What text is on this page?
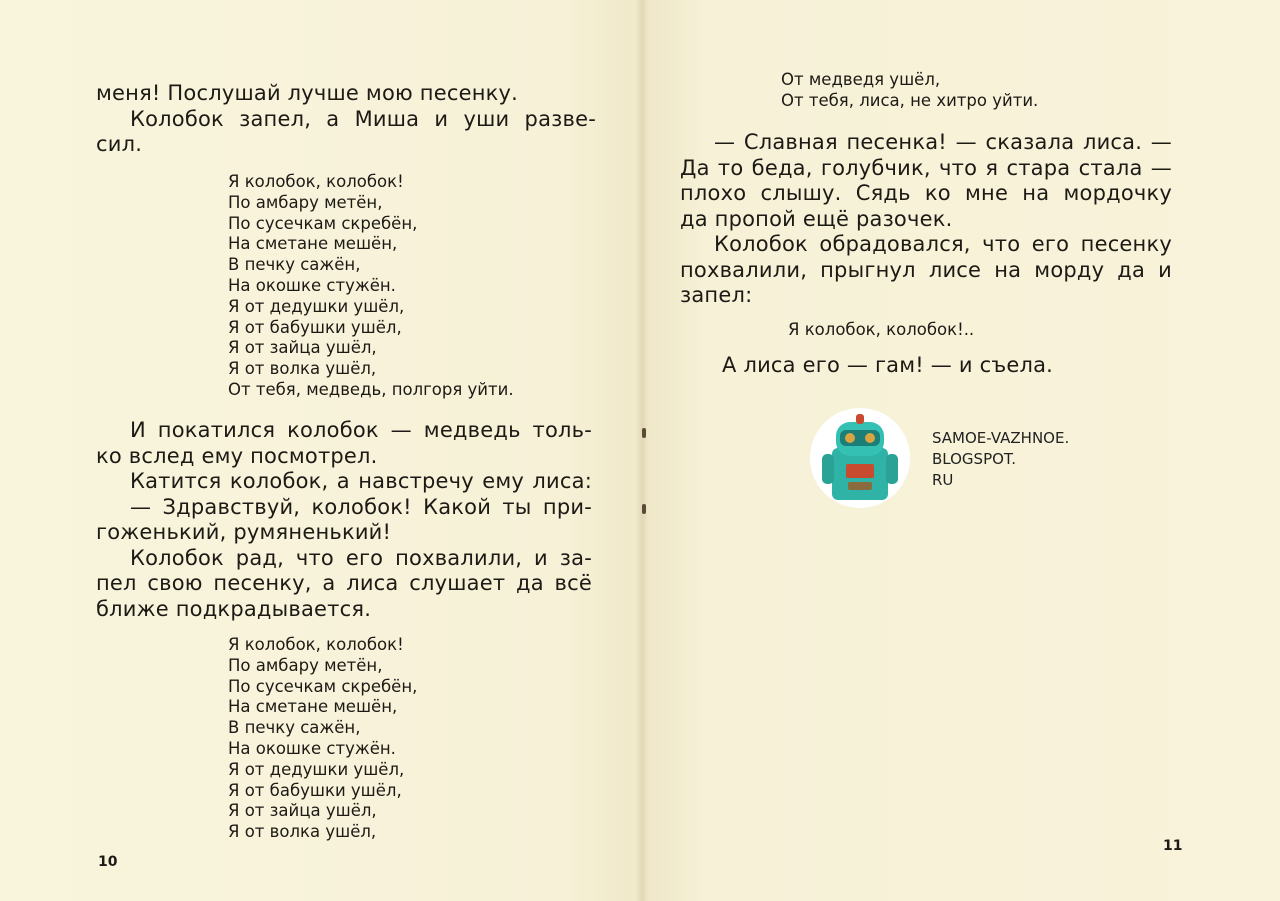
меня! Послушай лучше мою песенку.

Колобок запел, а Миша и уши разве-

сил.

Я колобок, колобок!
По амбару метён,
По сусечкам скребён,
На сметане мешён,
В печку сажён,
На окошке стужён.
Я от дедушки ушёл,
Я от бабушки ушёл,
Я от зайца ушёл,
Я от волка ушёл,
От тебя, медведь, полгоря уйти.

И покатился колобок — медведь толь-

ко вслед ему посмотрел.

Катится колобок, а навстречу ему лиса:

— Здравствуй, колобок! Какой ты при-

гоженький, румяненький!

Колобок рад, что его похвалили, и за-

пел свою песенку, а лиса слушает да всё

ближе подкрадывается.

Я колобок, колобок!
По амбару метён,
По сусечкам скребён,
На сметане мешён,
В печку сажён,
На окошке стужён.
Я от дедушки ушёл,
Я от бабушки ушёл,
Я от зайца ушёл,
Я от волка ушёл,
10
От медведя ушёл,
От тебя, лиса, не хитро уйти.

— Славная песенка! — сказала лиса. —

Да то беда, голубчик, что я стара стала —

плохо слышу. Сядь ко мне на мордочку

да пропой ещё разочек.

Колобок обрадовался, что его песенку

похвалили, прыгнул лисе на морду да и

запел:

Я колобок, колобок!..
А лиса его — гам! — и съела.
SAMOE-VAZHNOE.
BLOGSPOT.
RU
11
